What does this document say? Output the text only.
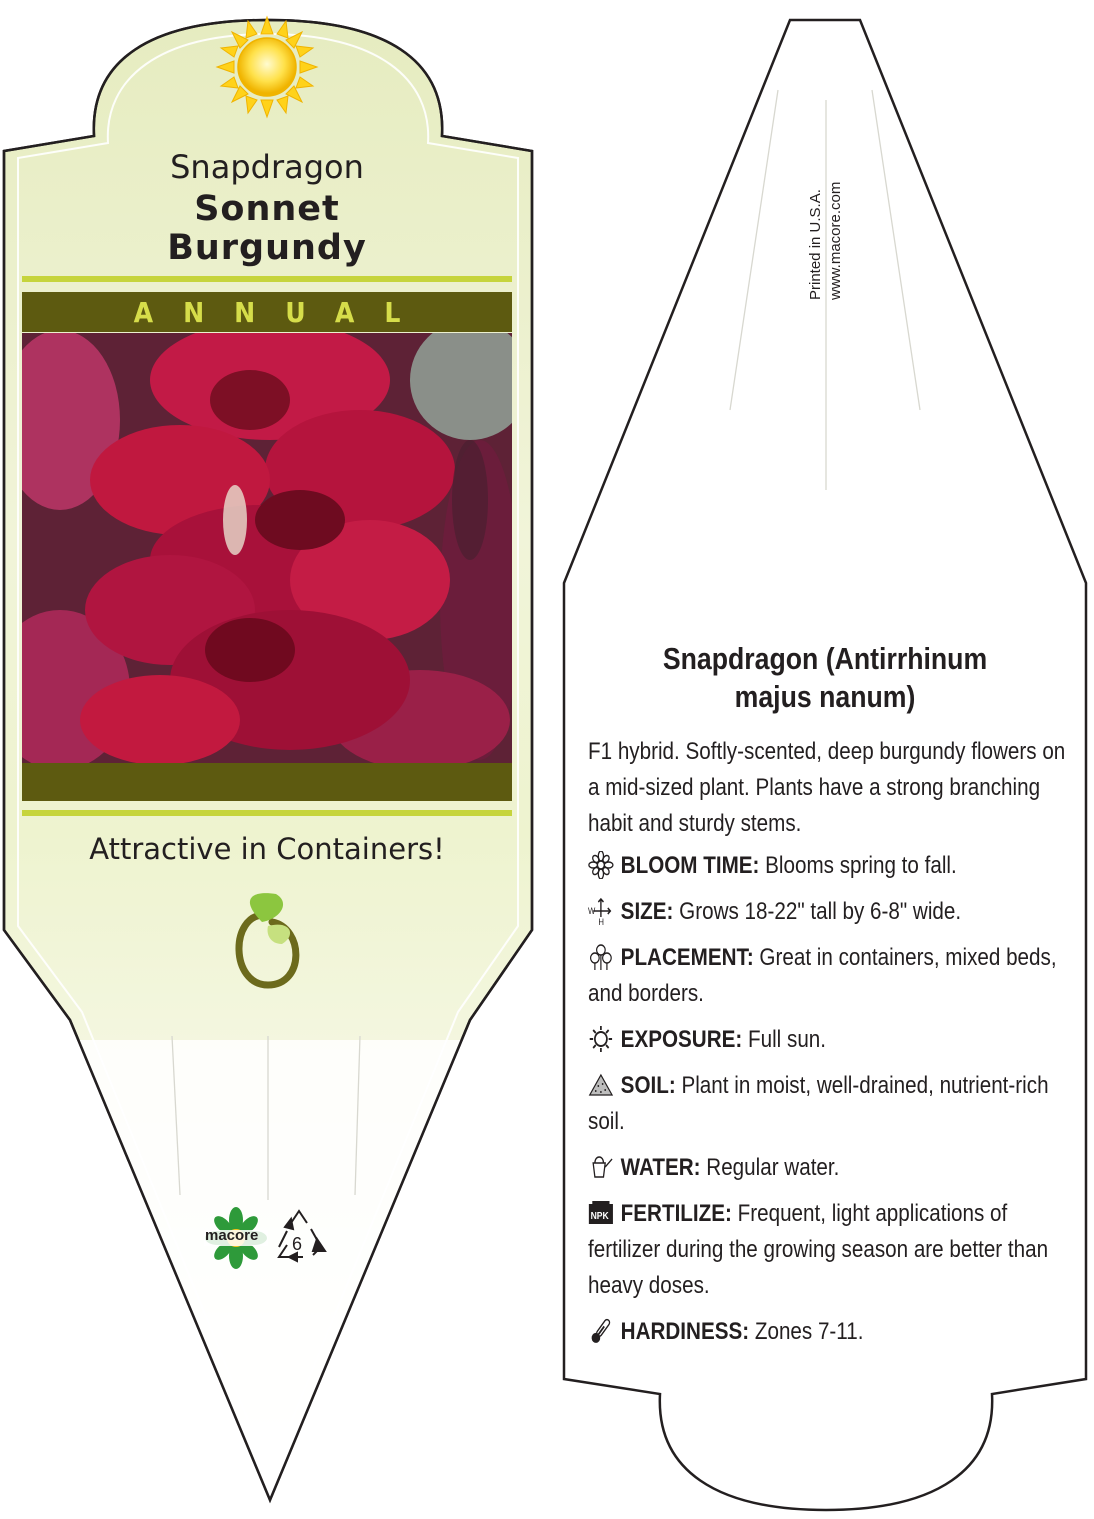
Snapdragon
Sonnet
Burgundy
ANNUAL
Attractive in Containers!
macore 6
Printed in U.S.A. www.macore.com
Snapdragon (Antirrhinum majus nanum)
F1 hybrid. Softly-scented, deep burgundy flowers on a mid-sized plant. Plants have a strong branching habit and sturdy stems.
BLOOM TIME: Blooms spring to fall.
W
H SIZE: Grows 18-22" tall by 6-8" wide.
PLACEMENT: Great in containers, mixed beds, and borders.
EXPOSURE: Full sun.
SOIL: Plant in moist, well-drained, nutrient-rich soil.
WATER: Regular water.
NPK FERTILIZE: Frequent, light applications of fertilizer during the growing season are better than heavy doses.
HARDINESS: Zones 7-11.
